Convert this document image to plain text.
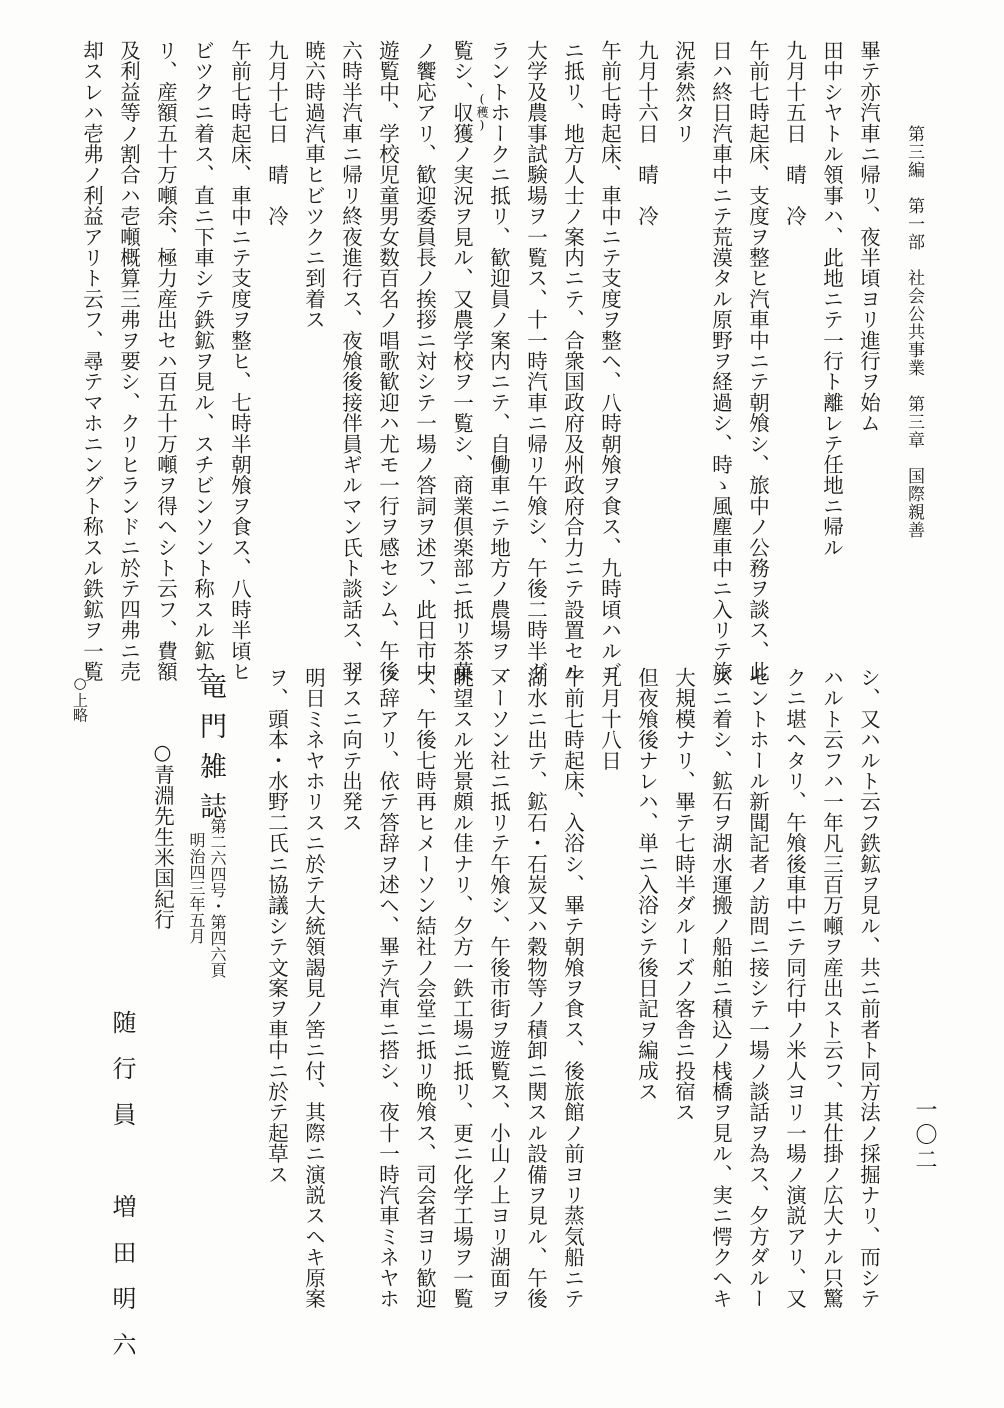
第三編　第一部　社会公共事業　第三章　国際親善
一〇二
畢テ亦汽車ニ帰リ、夜半頃ヨリ進行ヲ始ム
田中シヤトル領事ハ、此地ニテ一行ト離レテ任地ニ帰ル
九月十五日　晴　冷
午前七時起床、支度ヲ整ヒ汽車中ニテ朝飧シ、旅中ノ公務ヲ談ス、此
日ハ終日汽車中ニテ荒漠タル原野ヲ経過シ、時ゝ風塵車中ニ入リテ旅
況索然タリ
九月十六日　晴　冷
午前七時起床、車中ニテ支度ヲ整ヘ、八時朝飧ヲ食ス、九時頃ハルゴ
ニ抵リ、地方人士ノ案内ニテ、合衆国政府及州政府合力ニテ設置セル
大学及農事試験場ヲ一覧ス、十一時汽車ニ帰リ午飧シ、午後二時半グ
ラントホークニ抵リ、歓迎員ノ案内ニテ、自働車ニテ地方ノ農場ヲ一
覧シ、収獲ノ実況ヲ見ル、又農学校ヲ一覧シ、商業倶楽部ニ抵リ茶菓 (穫)
ノ饗応アリ、歓迎委員長ノ挨拶ニ対シテ一場ノ答詞ヲ述フ、此日市中
遊覧中、学校児童男女数百名ノ唱歌歓迎ハ尤モ一行ヲ感セシム、午後
六時半汽車ニ帰リ終夜進行ス、夜飧後接伴員ギルマン氏ト談話ス、翌
暁六時過汽車ヒビツクニ到着ス
九月十七日　晴　冷
午前七時起床、車中ニテ支度ヲ整ヒ、七時半朝飧ヲ食ス、八時半頃ヒ
ビツクニ着ス、直ニ下車シテ鉄鉱ヲ見ル、スチビンソント称スル鉱ナ
リ、産額五十万噸余、極力産出セハ百五十万噸ヲ得ヘシト云フ、費額
及利益等ノ割合ハ壱噸概算三弗ヲ要シ、クリヒランドニ於テ四弗ニ売
却スレハ壱弗ノ利益アリト云フ、尋テマホニングト称スル鉄鉱ヲ一覧
シ、又ハルト云フ鉄鉱ヲ見ル、共ニ前者ト同方法ノ採掘ナリ、而シテ
ハルト云フハ一年凡三百万噸ヲ産出スト云フ、其仕掛ノ広大ナル只驚
クニ堪ヘタリ、午飧後車中ニテ同行中ノ米人ヨリ一場ノ演説アリ、又
セントホール新聞記者ノ訪問ニ接シテ一場ノ談話ヲ為ス、夕方ダルー
ズニ着シ、鉱石ヲ湖水運搬ノ船舶ニ積込ノ桟橋ヲ見ル、実ニ愕クヘキ
大規模ナリ、畢テ七時半ダルーズノ客舎ニ投宿ス
但夜飧後ナレハ、単ニ入浴シテ後日記ヲ編成ス
九月十八日
午前七時起床、入浴シ、畢テ朝飧ヲ食ス、後旅館ノ前ヨリ蒸気船ニテ
湖水ニ出テ、鉱石・石炭又ハ穀物等ノ積卸ニ関スル設備ヲ見ル、午後
メーソン社ニ抵リテ午飧シ、午後市街ヲ遊覧ス、小山ノ上ヨリ湖面ヲ
眺望スル光景頗ル佳ナリ、夕方一鉄工場ニ抵リ、更ニ化学工場ヲ一覧
ス、午後七時再ヒメーソン結社ノ会堂ニ抵リ晩飧ス、司会者ヨリ歓迎
ノ辞アリ、依テ答辞ヲ述ヘ、畢テ汽車ニ搭シ、夜十一時汽車ミネヤホ
リスニ向テ出発ス
明日ミネヤホリスニ於テ大統領謁見ノ筈ニ付、其際ニ演説スヘキ原案
ヲ、頭本・水野二氏ニ協議シテ文案ヲ車中ニ於テ起草ス
竜門雑誌
第二六四号・第四六頁
明治四三年五月
○青淵先生米国紀行
随行員　増田明六
○上略
